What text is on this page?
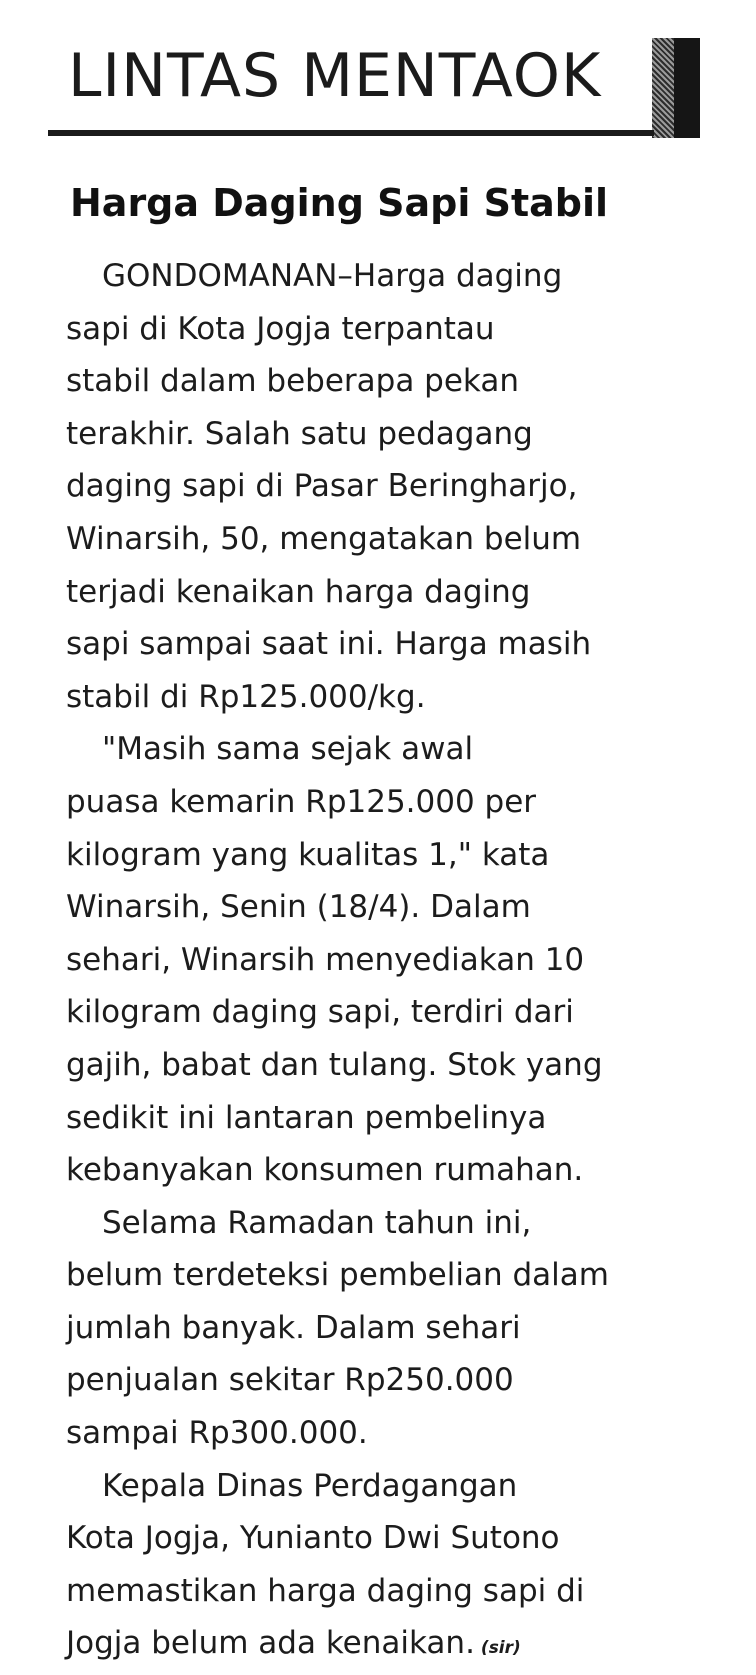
LINTAS MENTAOK
Harga Daging Sapi Stabil
GONDOMANAN–Harga daging
sapi di Kota Jogja terpantau
stabil dalam beberapa pekan
terakhir. Salah satu pedagang
daging sapi di Pasar Beringharjo,
Winarsih, 50, mengatakan belum
terjadi kenaikan harga daging
sapi sampai saat ini. Harga masih
stabil di Rp125.000/kg.
"Masih sama sejak awal
puasa kemarin Rp125.000 per
kilogram yang kualitas 1," kata
Winarsih, Senin (18/4). Dalam
sehari, Winarsih menyediakan 10
kilogram daging sapi, terdiri dari
gajih, babat dan tulang. Stok yang
sedikit ini lantaran pembelinya
kebanyakan konsumen rumahan.
Selama Ramadan tahun ini,
belum terdeteksi pembelian dalam
jumlah banyak. Dalam sehari
penjualan sekitar Rp250.000
sampai Rp300.000.
Kepala Dinas Perdagangan
Kota Jogja, Yunianto Dwi Sutono
memastikan harga daging sapi di
Jogja belum ada kenaikan. (sir)
